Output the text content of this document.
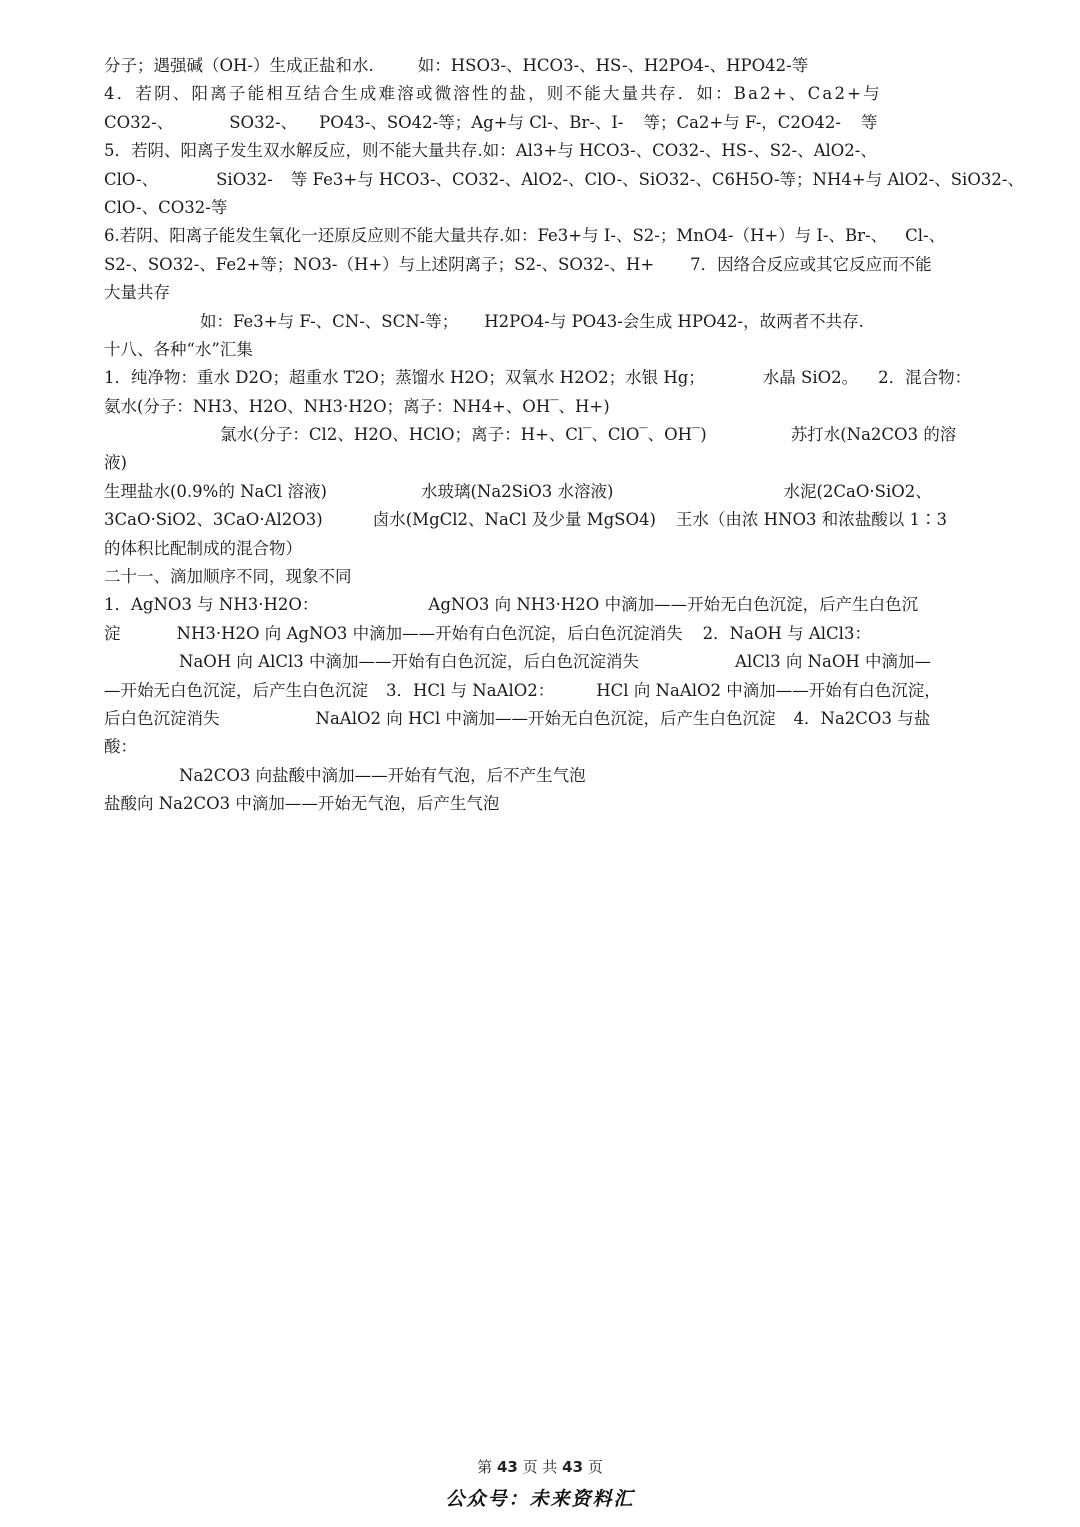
分子；遇强碱（OH-）生成正盐和水.	如：HSO3-、HCO3-、HS-、H2PO4-、HPO42-等
4．若阴、阳离子能相互结合生成难溶或微溶性的盐，则不能大量共存．如：Ba2+、Ca2+与
CO32-、	SO32-、 PO43-、SO42-等；Ag+与 Cl-、Br-、I- 等；Ca2+与 F-，C2O42- 等
5．若阴、阳离子发生双水解反应，则不能大量共存.如：Al3+与 HCO3-、CO32-、HS-、S2-、AlO2-、
ClO-、	SiO32- 等 Fe3+与 HCO3-、CO32-、AlO2-、ClO-、SiO32-、C6H5O-等；NH4+与 AlO2-、SiO32-、
ClO-、CO32-等
6.若阴、阳离子能发生氧化一还原反应则不能大量共存.如：Fe3+与 I-、S2-；MnO4-（H+）与 I-、Br-、 Cl-、
S2-、SO32-、Fe2+等；NO3-（H+）与上述阴离子；S2-、SO32-、H+ 7．因络合反应或其它反应而不能
大量共存
如：Fe3+与 F-、CN-、SCN-等； H2PO4-与 PO43-会生成 HPO42-，故两者不共存.
十八、各种“水”汇集
1．纯净物：重水 D2O；超重水 T2O；蒸馏水 H2O；双氧水 H2O2；水银 Hg；	水晶 SiO2。 2．混合物：
氨水(分子：NH3、H2O、NH3·H2O；离子：NH4+、OH‾、H+)
氯水(分子：Cl2、H2O、HClO；离子：H+、Cl‾、ClO‾、OH‾)	苏打水(Na2CO3 的溶
液)
生理盐水(0.9%的 NaCl 溶液)	水玻璃(Na2SiO3 水溶液)	水泥(2CaO·SiO2、
3CaO·SiO2、3CaO·Al2O3)	卤水(MgCl2、NaCl 及少量 MgSO4) 王水（由浓 HNO3 和浓盐酸以 1∶3
的体积比配制成的混合物）
二十一、滴加顺序不同，现象不同
1．AgNO3 与 NH3·H2O：	AgNO3 向 NH3·H2O 中滴加——开始无白色沉淀，后产生白色沉
淀	NH3·H2O 向 AgNO3 中滴加——开始有白色沉淀，后白色沉淀消失 2．NaOH 与 AlCl3：
NaOH 向 AlCl3 中滴加——开始有白色沉淀，后白色沉淀消失	AlCl3 向 NaOH 中滴加—
—开始无白色沉淀，后产生白色沉淀 3．HCl 与 NaAlO2：	HCl 向 NaAlO2 中滴加——开始有白色沉淀，
后白色沉淀消失	NaAlO2 向 HCl 中滴加——开始无白色沉淀，后产生白色沉淀 4．Na2CO3 与盐
酸：
Na2CO3 向盐酸中滴加——开始有气泡，后不产生气泡
盐酸向 Na2CO3 中滴加——开始无气泡，后产生气泡
第 43 页 共 43 页
公众号：未来资料汇
